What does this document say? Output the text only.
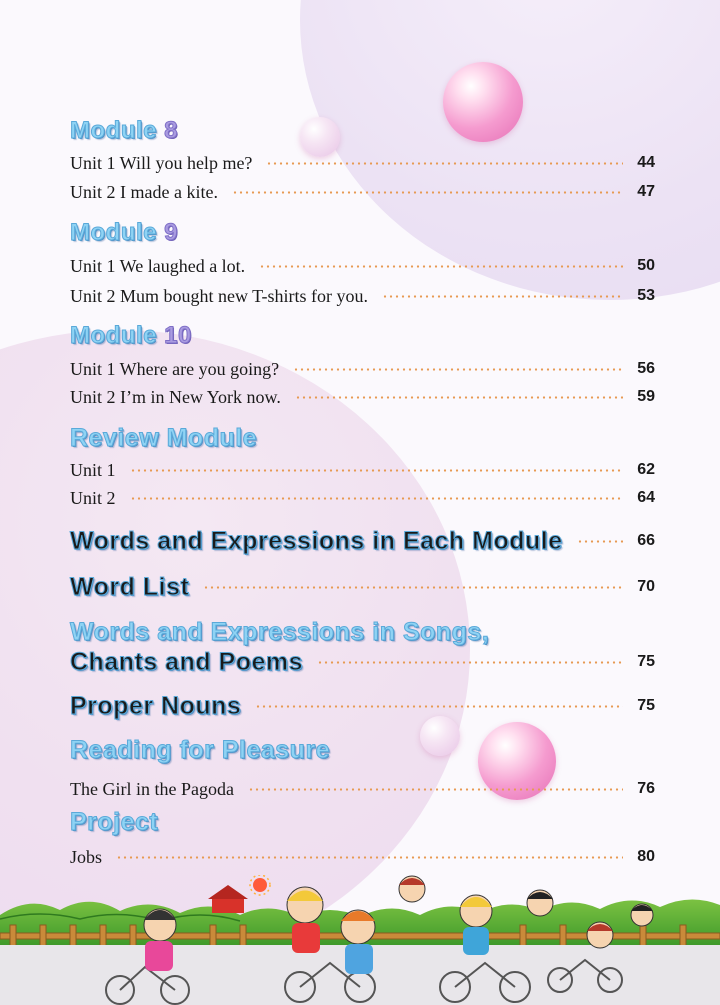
Module 8
Unit 1 Will you help me?	44
Unit 2 I made a kite.	47
Module 9
Unit 1 We laughed a lot.	50
Unit 2 Mum bought new T-shirts for you.	53
Module 10
Unit 1 Where are you going?	56
Unit 2 I’m in New York now.	59
Review Module
Unit 1	62
Unit 2	64
Words and Expressions in Each Module	66
Word List	70
Words and Expressions in Songs,
Chants and Poems	75
Proper Nouns	75
Reading for Pleasure
The Girl in the Pagoda	76
Project
Jobs	80
